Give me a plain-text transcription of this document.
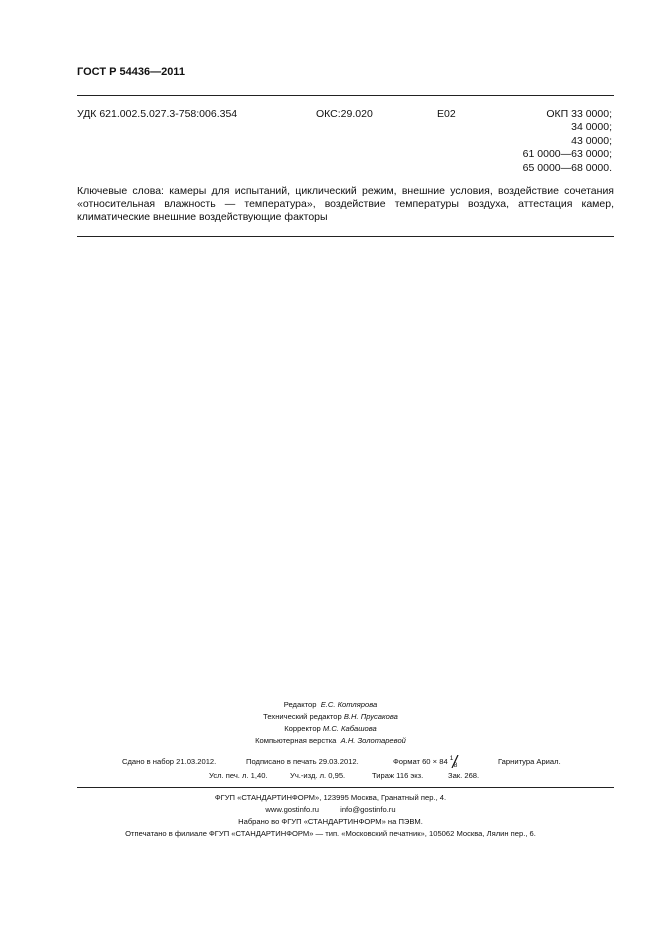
ГОСТ Р 54436—2011
УДК 621.002.5.027.3-758:006.354	ОКС:29.020	Е02	ОКП 33 0000;
34 0000;
43 0000;
61 0000—63 0000;
65 0000—68 0000.
Ключевые слова: камеры для испытаний, циклический режим, внешние условия, воздействие сочетания «относительная влажность — температура», воздействие температуры воздуха, аттестация камер, климатические внешние воздействующие факторы
Редактор Е.С. Котлярова
Технический редактор В.Н. Прусакова
Корректор М.С. Кабашова
Компьютерная верстка А.Н. Золотаревой
Сдано в набор 21.03.2012.	Подписано в печать 29.03.2012.	Формат 60 × 84 1
8	Гарнитура Ариал.
Усл. печ. л. 1,40.	Уч.-изд. л. 0,95.	Тираж 116 экз.	Зак. 268.
ФГУП «СТАНДАРТИНФОРМ», 123995 Москва, Гранатный пер., 4.
www.gostinfo.ru	info@gostinfo.ru
Набрано во ФГУП «СТАНДАРТИНФОРМ» на ПЭВМ.
Отпечатано в филиале ФГУП «СТАНДАРТИНФОРМ» — тип. «Московский печатник», 105062 Москва, Лялин пер., 6.
